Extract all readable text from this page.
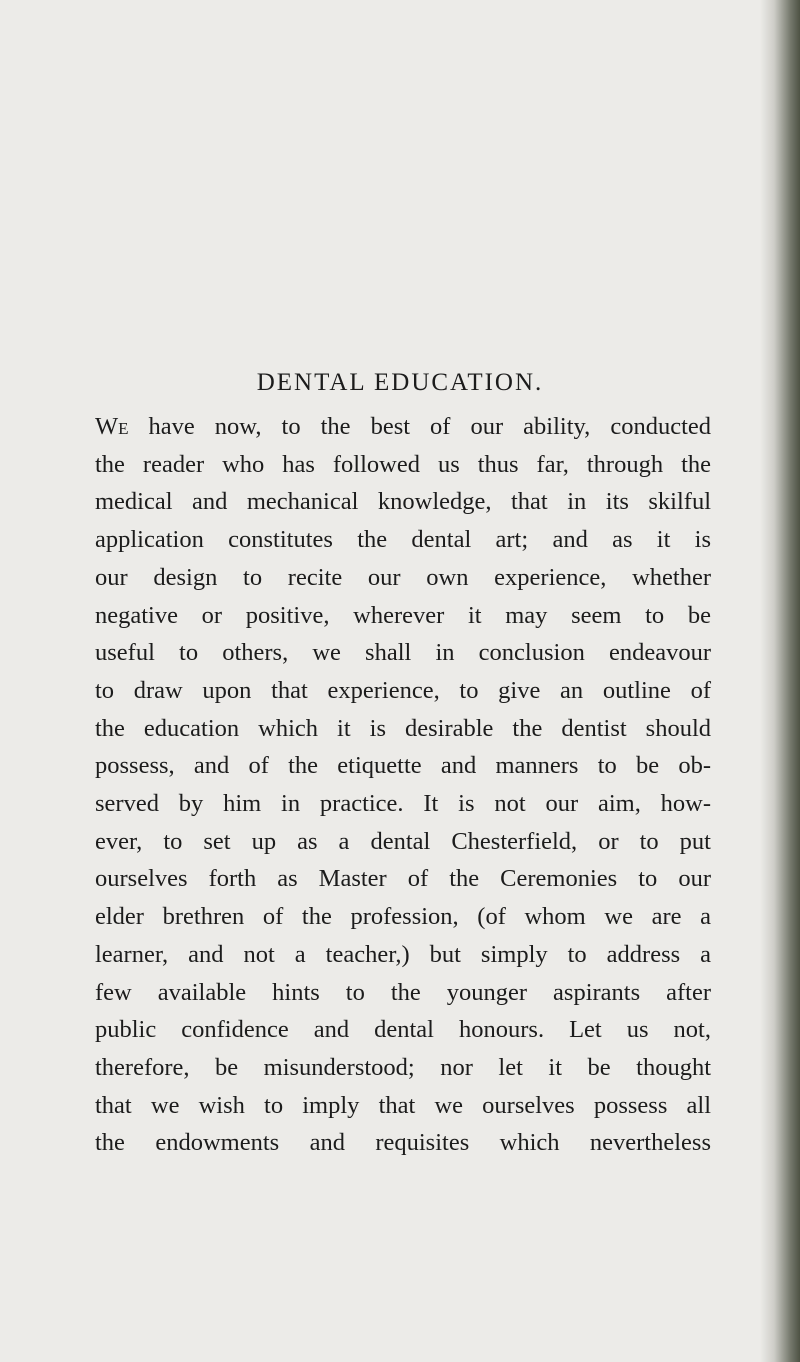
DENTAL EDUCATION.
We have now, to the best of our ability, conducted
the reader who has followed us thus far, through the
medical and mechanical knowledge, that in its skilful
application constitutes the dental art; and as it is
our design to recite our own experience, whether
negative or positive, wherever it may seem to be
useful to others, we shall in conclusion endeavour
to draw upon that experience, to give an outline of
the education which it is desirable the dentist should
possess, and of the etiquette and manners to be ob-
served by him in practice. It is not our aim, how-
ever, to set up as a dental Chesterfield, or to put
ourselves forth as Master of the Ceremonies to our
elder brethren of the profession, (of whom we are a
learner, and not a teacher,) but simply to address a
few available hints to the younger aspirants after
public confidence and dental honours. Let us not,
therefore, be misunderstood; nor let it be thought
that we wish to imply that we ourselves possess all
the endowments and requisites which nevertheless
